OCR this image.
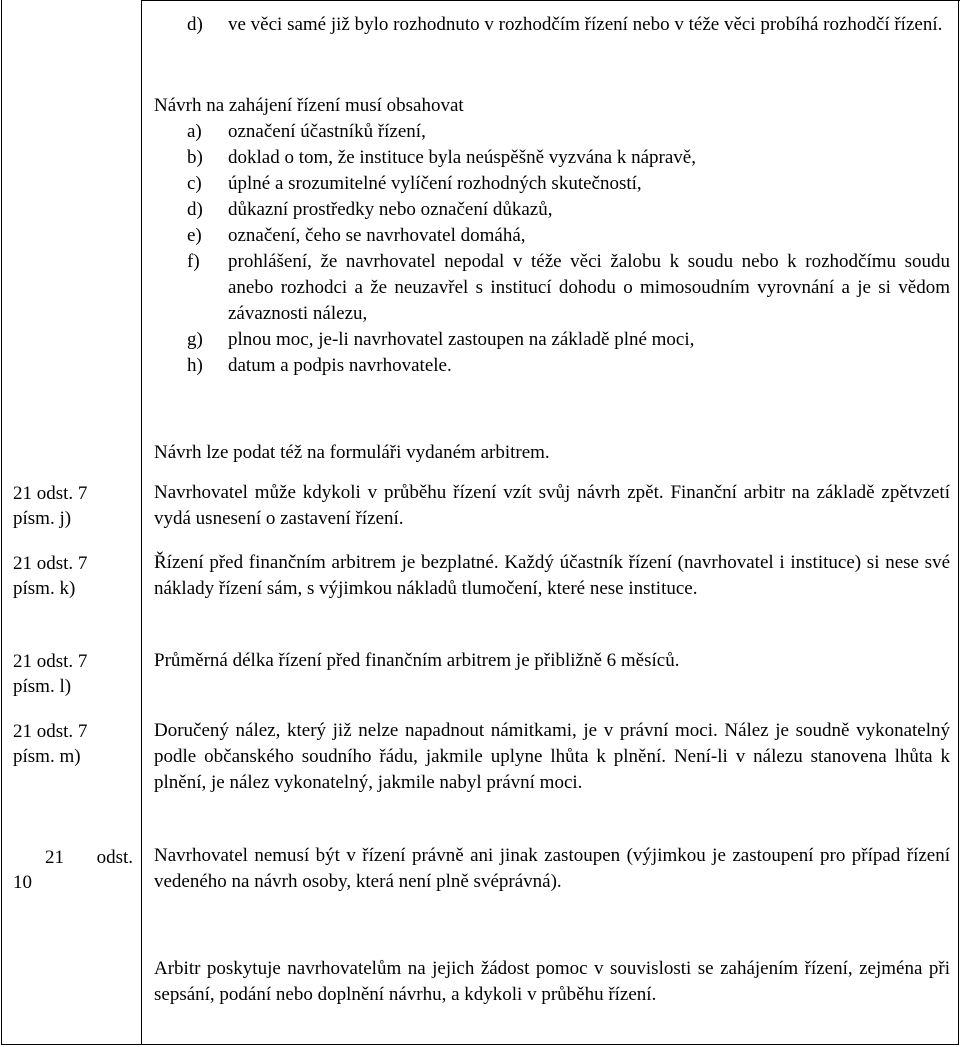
d) ve věci samé již bylo rozhodnuto v rozhodčím řízení nebo v téže věci probíhá rozhodčí řízení.
Návrh na zahájení řízení musí obsahovat
a) označení účastníků řízení,
b) doklad o tom, že instituce byla neúspěšně vyzvána k nápravě,
c) úplné a srozumitelné vylíčení rozhodných skutečností,
d) důkazní prostředky nebo označení důkazů,
e) označení, čeho se navrhovatel domáhá,
f) prohlášení, že navrhovatel nepodal v téže věci žalobu k soudu nebo k rozhodčímu soudu anebo rozhodci a že neuzavřel s institucí dohodu o mimosoudním vyrovnání a je si vědom závaznosti nálezu,
g) plnou moc, je-li navrhovatel zastoupen na základě plné moci,
h) datum a podpis navrhovatele.
Návrh lze podat též na formuláři vydaném arbitrem.
Navrhovatel může kdykoli v průběhu řízení vzít svůj návrh zpět. Finanční arbitr na základě zpětvzetí vydá usnesení o zastavení řízení.
Řízení před finančním arbitrem je bezplatné. Každý účastník řízení (navrhovatel i instituce) si nese své náklady řízení sám, s výjimkou nákladů tlumočení, které nese instituce.
Průměrná délka řízení před finančním arbitrem je přibližně 6 měsíců.
Doručený nález, který již nelze napadnout námitkami, je v právní moci. Nález je soudně vykonatelný podle občanského soudního řádu, jakmile uplyne lhůta k plnění. Není-li v nálezu stanovena lhůta k plnění, je nález vykonatelný, jakmile nabyl právní moci.
Navrhovatel nemusí být v řízení právně ani jinak zastoupen (výjimkou je zastoupení pro případ řízení vedeného na návrh osoby, která není plně svéprávná).
Arbitr poskytuje navrhovatelům na jejich žádost pomoc v souvislosti se zahájením řízení, zejména při sepsání, podání nebo doplnění návrhu, a kdykoli v průběhu řízení.
21 odst. 7
písm. j)
21 odst. 7
písm. k)
21 odst. 7
písm. l)
21 odst. 7
písm. m)
21 odst.
10
